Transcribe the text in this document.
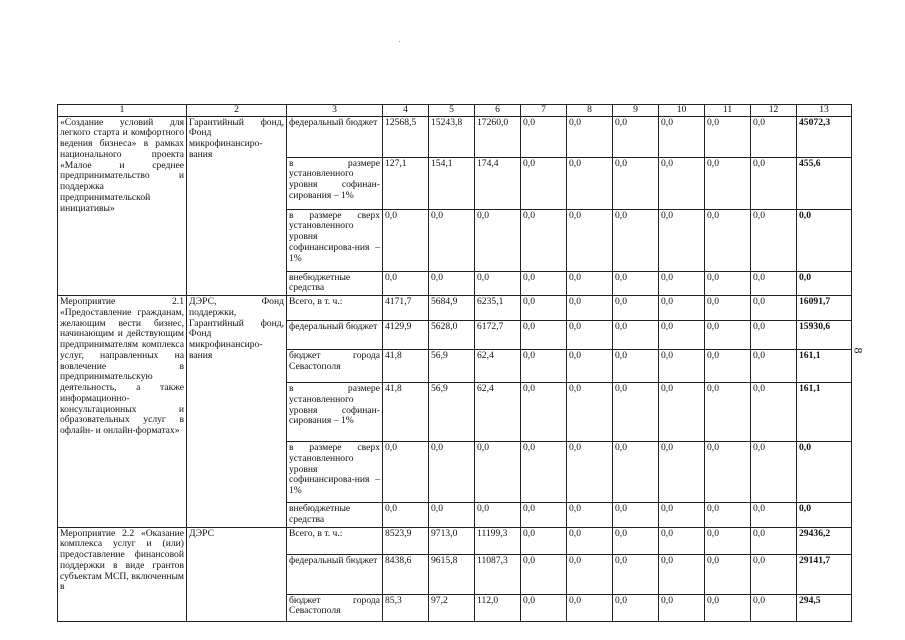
1	2	3	4	5	6	7	8	9	10	11	12	13
«Создание условий для легкого старта и комфортного ведения бизнеса» в рамках национального проекта «Малое и среднее предпринимательство и поддержка предпринимательской инициативы»	Гарантийный фонд, Фонд микрофинансиро-вания	федеральный бюджет	12568,5	15243,8	17260,0	0,0	0,0	0,0	0,0	0,0	0,0	45072,3
		в размере установленного уровня софинан-сирования – 1%	127,1	154,1	174,4	0,0	0,0	0,0	0,0	0,0	0,0	455,6
		в размере сверх установленного уровня софинансирова-ния – 1%	0,0	0,0	0,0	0,0	0,0	0,0	0,0	0,0	0,0	0,0
		внебюджетные средства	0,0	0,0	0,0	0,0	0,0	0,0	0,0	0,0	0,0	0,0
Мероприятие 2.1 «Предоставление гражданам, желающим вести бизнес, начинающим и действующим предпринимателям комплекса услуг, направленных на вовлечение в предпринимательскую деятельность, а также информационно-консультационных и образовательных услуг в офлайн- и онлайн-форматах»	ДЭРС, Фонд поддержки, Гарантийный фонд, Фонд микрофинансиро-вания	Всего, в т. ч.:	4171,7	5684,9	6235,1	0,0	0,0	0,0	0,0	0,0	0,0	16091,7
		федеральный бюджет	4129,9	5628,0	6172,7	0,0	0,0	0,0	0,0	0,0	0,0	15930,6
		бюджет города Севастополя	41,8	56,9	62,4	0,0	0,0	0,0	0,0	0,0	0,0	161,1
		в размере установленного уровня софинан-сирования – 1%	41,8	56,9	62,4	0,0	0,0	0,0	0,0	0,0	0,0	161,1
		в размере сверх установленного уровня софинансирова-ния – 1%	0,0	0,0	0,0	0,0	0,0	0,0	0,0	0,0	0,0	0,0
		внебюджетные средства	0,0	0,0	0,0	0,0	0,0	0,0	0,0	0,0	0,0	0,0
Мероприятие 2.2 «Оказание комплекса услуг и (или) предоставление финансовой поддержки в виде грантов субъектам МСП, включенным в	ДЭРС	Всего, в т. ч.:	8523,9	9713,0	11199,3	0,0	0,0	0,0	0,0	0,0	0,0	29436,2
		федеральный бюджет	8438,6	9615,8	11087,3	0,0	0,0	0,0	0,0	0,0	0,0	29141,7
		бюджет города Севастополя	85,3	97,2	112,0	0,0	0,0	0,0	0,0	0,0	0,0	294,5
8
